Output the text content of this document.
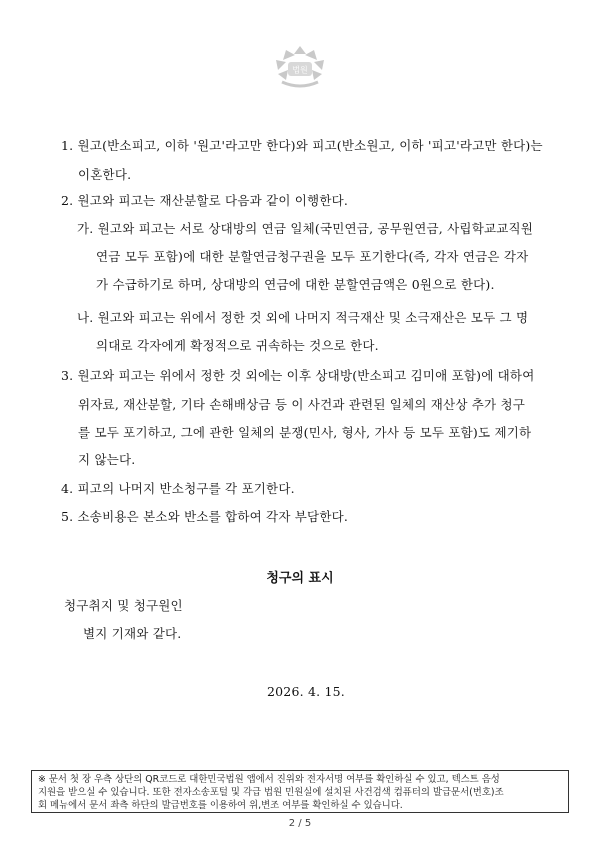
법원
1. 원고(반소피고, 이하 '원고'라고만 한다)와 피고(반소원고, 이하 '피고'라고만 한다)는
이혼한다.
2. 원고와 피고는 재산분할로 다음과 같이 이행한다.
가. 원고와 피고는 서로 상대방의 연금 일체(국민연금, 공무원연금, 사립학교교직원
연금 모두 포함)에 대한 분할연금청구권을 모두 포기한다(즉, 각자 연금은 각자
가 수급하기로 하며, 상대방의 연금에 대한 분할연금액은 0원으로 한다).
나. 원고와 피고는 위에서 정한 것 외에 나머지 적극재산 및 소극재산은 모두 그 명
의대로 각자에게 확정적으로 귀속하는 것으로 한다.
3. 원고와 피고는 위에서 정한 것 외에는 이후 상대방(반소피고 김미애 포함)에 대하여
위자료, 재산분할, 기타 손해배상금 등 이 사건과 관련된 일체의 재산상 추가 청구
를 모두 포기하고, 그에 관한 일체의 분쟁(민사, 형사, 가사 등 모두 포함)도 제기하
지 않는다.
4. 피고의 나머지 반소청구를 각 포기한다.
5. 소송비용은 본소와 반소를 합하여 각자 부담한다.
청구의 표시
청구취지 및 청구원인
별지 기재와 같다.
2026. 4. 15.
※ 문서 첫 장 우측 상단의 QR코드로 대한민국법원 앱에서 진위와 전자서명 여부를 확인하실 수 있고, 텍스트 음성
지원을 받으실 수 있습니다. 또한 전자소송포털 및 각급 법원 민원실에 설치된 사건검색 컴퓨터의 발급문서(번호)조
회 메뉴에서 문서 좌측 하단의 발급번호를 이용하여 위,변조 여부를 확인하실 수 있습니다.
2 / 5
